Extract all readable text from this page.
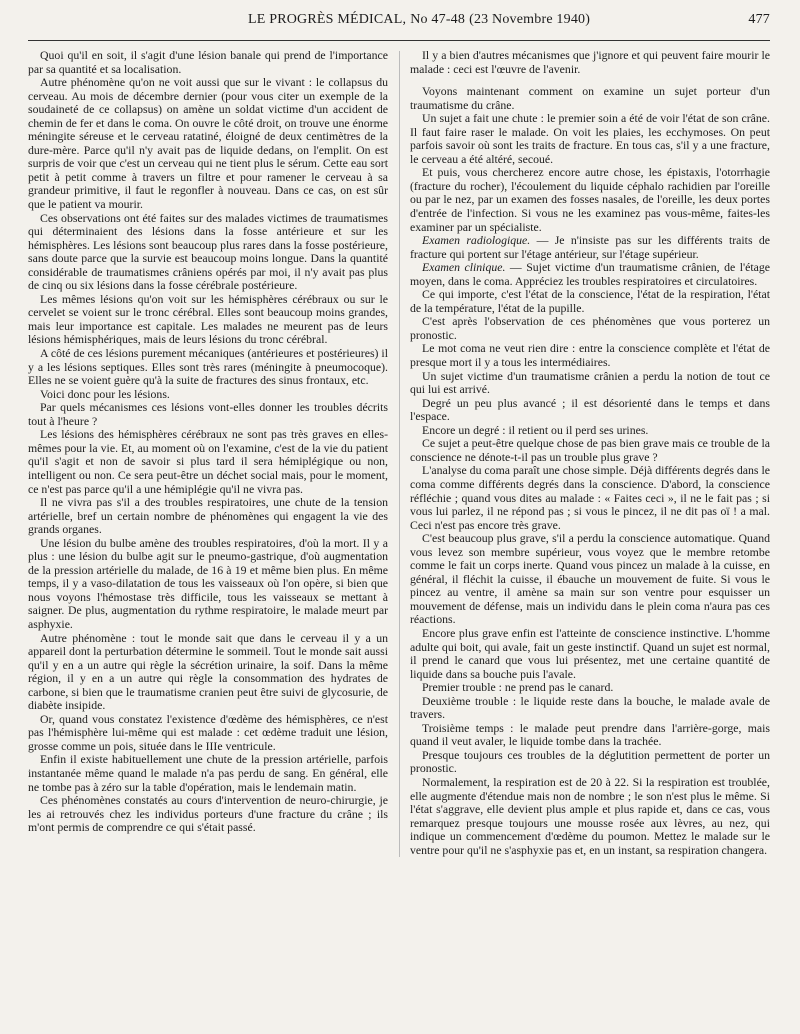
LE PROGRÈS MÉDICAL, No 47-48 (23 Novembre 1940)	477

Quoi qu'il en soit, il s'agit d'une lésion banale qui prend de l'importance par sa quantité et sa localisation.

Autre phénomène qu'on ne voit aussi que sur le vivant : le collapsus du cerveau. Au mois de décembre dernier (pour vous citer un exemple de la soudaineté de ce collapsus) on amène un soldat victime d'un accident de chemin de fer et dans le coma. On ouvre le côté droit, on trouve une énorme méningite séreuse et le cerveau ratatiné, éloigné de deux centimètres de la dure-mère. Parce qu'il n'y avait pas de liquide dedans, on l'emplit. On est surpris de voir que c'est un cerveau qui ne tient plus le sérum. Cette eau sort petit à petit comme à travers un filtre et pour ramener le cerveau à sa grandeur primitive, il faut le regonfler à nouveau. Dans ce cas, on est sûr que le patient va mourir.

Ces observations ont été faites sur des malades victimes de traumatismes qui déterminaient des lésions dans la fosse antérieure et sur les hémisphères. Les lésions sont beaucoup plus rares dans la fosse postérieure, sans doute parce que la survie est beaucoup moins longue. Dans la quantité considérable de traumatismes crâniens opérés par moi, il n'y avait pas plus de cinq ou six lésions dans la fosse cérébrale postérieure.

Les mêmes lésions qu'on voit sur les hémisphères cérébraux ou sur le cervelet se voient sur le tronc cérébral. Elles sont beaucoup moins grandes, mais leur importance est capitale. Les malades ne meurent pas de leurs lésions hémisphériques, mais de leurs lésions du tronc cérébral.

A côté de ces lésions purement mécaniques (antérieures et postérieures) il y a les lésions septiques. Elles sont très rares (méningite à pneumocoque). Elles ne se voient guère qu'à la suite de fractures des sinus frontaux, etc.

Voici donc pour les lésions.

Par quels mécanismes ces lésions vont-elles donner les troubles décrits tout à l'heure ?

Les lésions des hémisphères cérébraux ne sont pas très graves en elles-mêmes pour la vie. Et, au moment où on l'examine, c'est de la vie du patient qu'il s'agit et non de savoir si plus tard il sera hémiplégique ou non, intelligent ou non. Ce sera peut-être un déchet social mais, pour le moment, ce n'est pas parce qu'il a une hémiplégie qu'il ne vivra pas.

Il ne vivra pas s'il a des troubles respiratoires, une chute de la tension artérielle, bref un certain nombre de phénomènes qui engagent la vie des grands organes.

Une lésion du bulbe amène des troubles respiratoires, d'où la mort. Il y a plus : une lésion du bulbe agit sur le pneumo-gastrique, d'où augmentation de la pression artérielle du malade, de 16 à 19 et même bien plus. En même temps, il y a vaso-dilatation de tous les vaisseaux où l'on opère, si bien que nous voyons l'hémostase très difficile, tous les vaisseaux se mettant à saigner. De plus, augmentation du rythme respiratoire, le malade meurt par asphyxie.

Autre phénomène : tout le monde sait que dans le cerveau il y a un appareil dont la perturbation détermine le sommeil. Tout le monde sait aussi qu'il y en a un autre qui règle la sécrétion urinaire, la soif. Dans la même région, il y en a un autre qui règle la consommation des hydrates de carbone, si bien que le traumatisme cranien peut être suivi de glycosurie, de diabète insipide.

Or, quand vous constatez l'existence d'œdème des hémisphères, ce n'est pas l'hémisphère lui-même qui est malade : cet œdème traduit une lésion, grosse comme un pois, située dans le IIIe ventricule.

Enfin il existe habituellement une chute de la pression artérielle, parfois instantanée même quand le malade n'a pas perdu de sang. En général, elle ne tombe pas à zéro sur la table d'opération, mais le lendemain matin.

Ces phénomènes constatés au cours d'intervention de neuro-chirurgie, je les ai retrouvés chez les individus porteurs d'une fracture du crâne ; ils m'ont permis de comprendre ce qui s'était passé.

Il y a bien d'autres mécanismes que j'ignore et qui peuvent faire mourir le malade : ceci est l'œuvre de l'avenir.

Voyons maintenant comment on examine un sujet porteur d'un traumatisme du crâne.

Un sujet a fait une chute : le premier soin a été de voir l'état de son crâne. Il faut faire raser le malade. On voit les plaies, les ecchymoses. On peut parfois savoir où sont les traits de fracture. En tous cas, s'il y a une fracture, le cerveau a été altéré, secoué.

Et puis, vous chercherez encore autre chose, les épistaxis, l'otorrhagie (fracture du rocher), l'écoulement du liquide céphalo rachidien par l'oreille ou par le nez, par un examen des fosses nasales, de l'oreille, les deux portes d'entrée de l'infection. Si vous ne les examinez pas vous-même, faites-les examiner par un spécialiste.

Examen radiologique. — Je n'insiste pas sur les différents traits de fracture qui portent sur l'étage antérieur, sur l'étage supérieur.

Examen clinique. — Sujet victime d'un traumatisme crânien, de l'étage moyen, dans le coma. Appréciez les troubles respiratoires et circulatoires.

Ce qui importe, c'est l'état de la conscience, l'état de la respiration, l'état de la température, l'état de la pupille.

C'est après l'observation de ces phénomènes que vous porterez un pronostic.

Le mot coma ne veut rien dire : entre la conscience complète et l'état de presque mort il y a tous les intermédiaires.

Un sujet victime d'un traumatisme crânien a perdu la notion de tout ce qui lui est arrivé.

Degré un peu plus avancé ; il est désorienté dans le temps et dans l'espace.

Encore un degré : il retient ou il perd ses urines.

Ce sujet a peut-être quelque chose de pas bien grave mais ce trouble de la conscience ne dénote-t-il pas un trouble plus grave ?

L'analyse du coma paraît une chose simple. Déjà différents degrés dans le coma comme différents degrés dans la conscience. D'abord, la conscience réfléchie ; quand vous dites au malade : « Faites ceci », il ne le fait pas ; si vous lui parlez, il ne répond pas ; si vous le pincez, il ne dit pas oï ! a mal. Ceci n'est pas encore très grave.

C'est beaucoup plus grave, s'il a perdu la conscience automatique. Quand vous levez son membre supérieur, vous voyez que le membre retombe comme le fait un corps inerte. Quand vous pincez un malade à la cuisse, en général, il fléchit la cuisse, il ébauche un mouvement de fuite. Si vous le pincez au ventre, il amène sa main sur son ventre pour esquisser un mouvement de défense, mais un individu dans le plein coma n'aura pas ces réactions.

Encore plus grave enfin est l'atteinte de conscience instinctive. L'homme adulte qui boit, qui avale, fait un geste instinctif. Quand un sujet est normal, il prend le canard que vous lui présentez, met une certaine quantité de liquide dans sa bouche puis l'avale.

Premier trouble : ne prend pas le canard.

Deuxième trouble : le liquide reste dans la bouche, le malade avale de travers.

Troisième temps : le malade peut prendre dans l'arrière-gorge, mais quand il veut avaler, le liquide tombe dans la trachée.

Presque toujours ces troubles de la déglutition permettent de porter un pronostic.

Normalement, la respiration est de 20 à 22. Si la respiration est troublée, elle augmente d'étendue mais non de nombre ; le son n'est plus le même. Si l'état s'aggrave, elle devient plus ample et plus rapide et, dans ce cas, vous remarquez presque toujours une mousse rosée aux lèvres, au nez, qui indique un commencement d'œdème du poumon. Mettez le malade sur le ventre pour qu'il ne s'asphyxie pas et, en un instant, sa respiration changera.
